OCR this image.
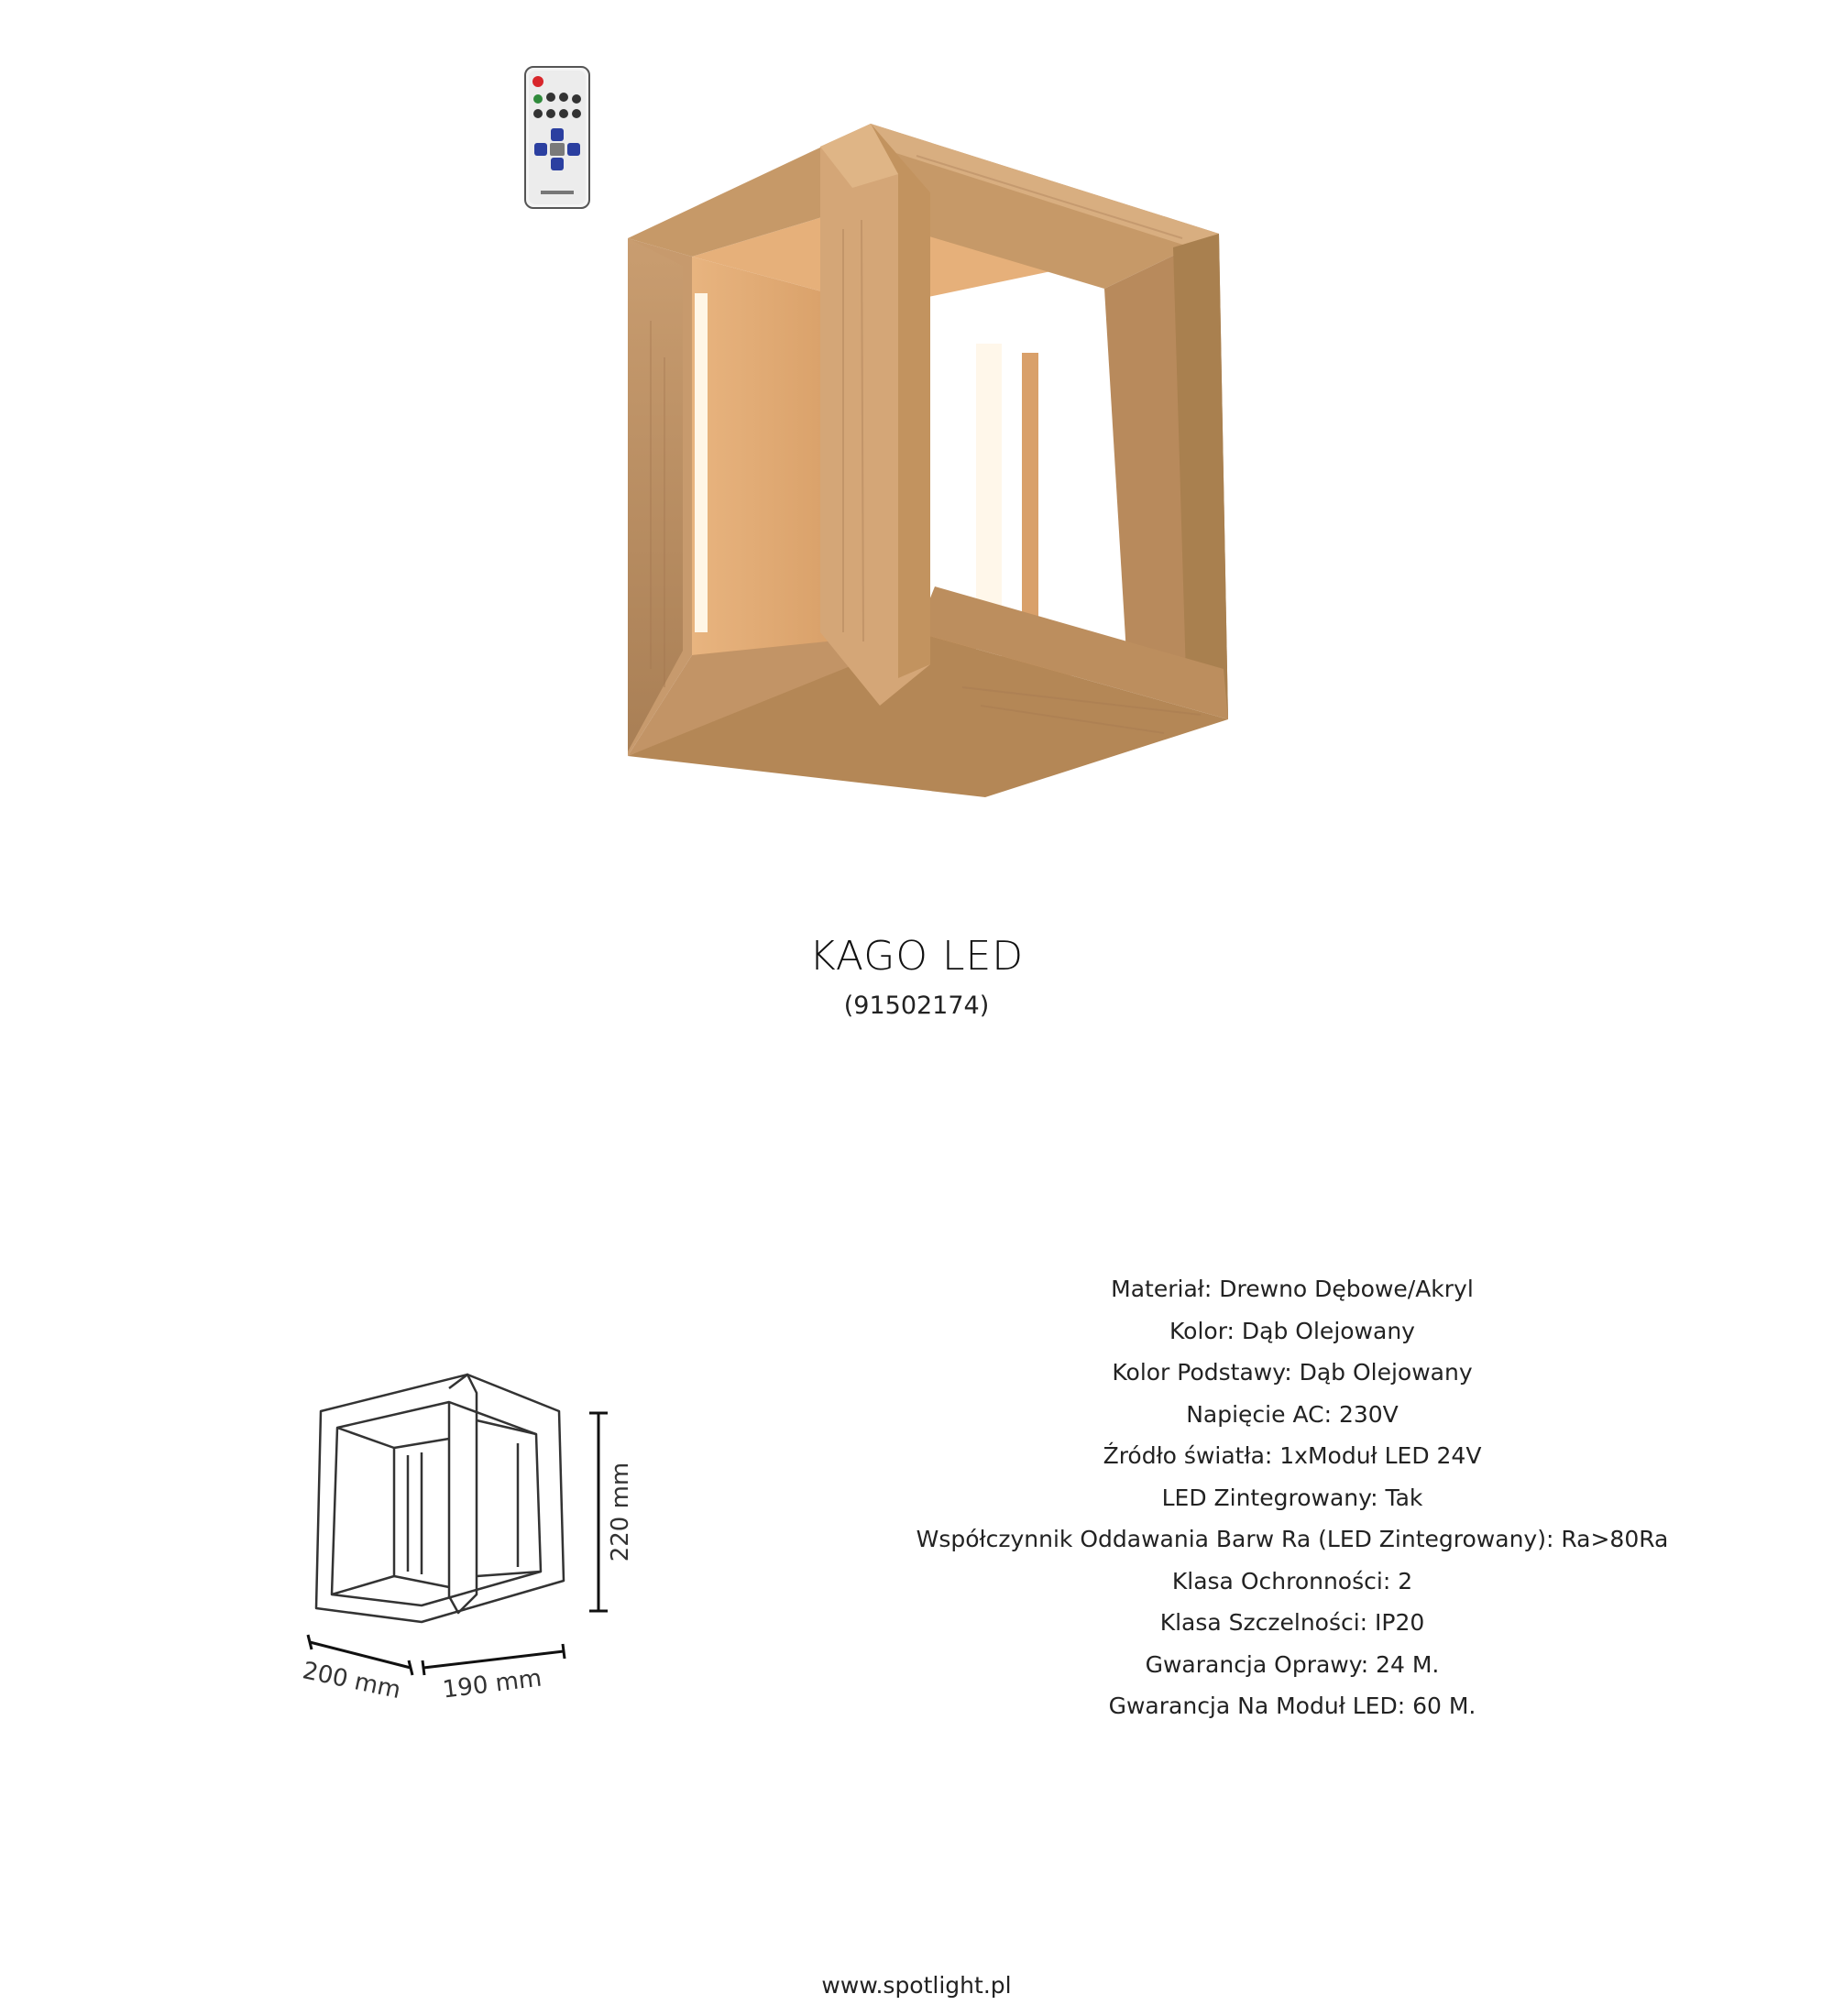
KAGO LED
(91502174)
220 mm
200 mm 190 mm
Materiał: Drewno Dębowe/Akryl
Kolor: Dąb Olejowany
Kolor Podstawy: Dąb Olejowany
Napięcie AC: 230V
Źródło światła: 1xModuł LED 24V
LED Zintegrowany: Tak
Współczynnik Oddawania Barw Ra (LED Zintegrowany): Ra>80Ra
Klasa Ochronności: 2
Klasa Szczelności: IP20
Gwarancja Oprawy: 24 M.
Gwarancja Na Moduł LED: 60 M.
www.spotlight.pl
